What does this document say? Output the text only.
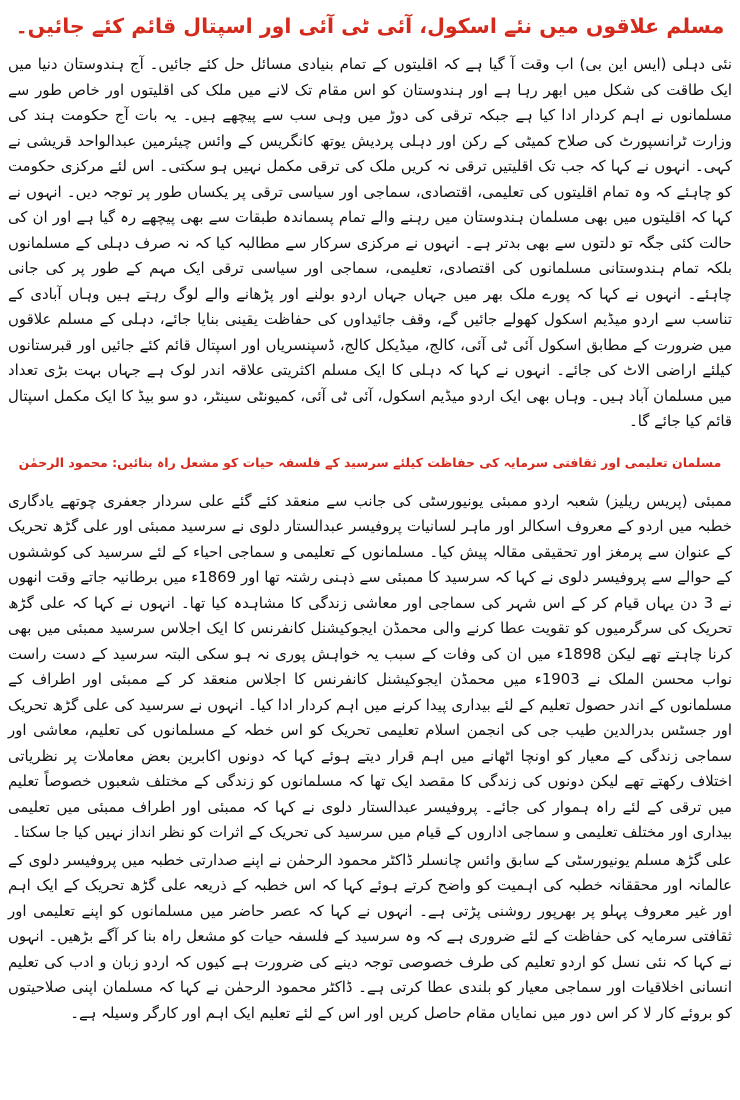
مسلم علاقوں میں نئے اسکول، آئی ٹی آئی اور اسپتال قائم کئے جائیں۔

نئی دہلی (ایس این بی) اب وقت آ گیا ہے کہ اقلیتوں کے تمام بنیادی مسائل حل کئے جائیں۔ آج ہندوستان دنیا میں ایک طاقت کی شکل میں ابھر رہا ہے اور ہندوستان کو اس مقام تک لانے میں ملک کی اقلیتوں اور خاص طور سے مسلمانوں نے اہم کردار ادا کیا ہے جبکہ ترقی کی دوڑ میں وہی سب سے پیچھے ہیں۔ یہ بات آج حکومت ہند کی وزارت ٹرانسپورٹ کی صلاح کمیٹی کے رکن اور دہلی پردیش یوتھ کانگریس کے وائس چیئرمین عبدالواحد قریشی نے کہی۔ انہوں نے کہا کہ جب تک اقلیتیں ترقی نہ کریں ملک کی ترقی مکمل نہیں ہو سکتی۔ اس لئے مرکزی حکومت کو چاہئے کہ وہ تمام اقلیتوں کی تعلیمی، اقتصادی، سماجی اور سیاسی ترقی پر یکساں طور پر توجہ دیں۔ انہوں نے کہا کہ اقلیتوں میں بھی مسلمان ہندوستان میں رہنے والے تمام پسماندہ طبقات سے بھی پیچھے رہ گیا ہے اور ان کی حالت کئی جگہ تو دلتوں سے بھی بدتر ہے۔ انہوں نے مرکزی سرکار سے مطالبہ کیا کہ نہ صرف دہلی کے مسلمانوں بلکہ تمام ہندوستانی مسلمانوں کی اقتصادی، تعلیمی، سماجی اور سیاسی ترقی ایک مہم کے طور پر کی جانی چاہئے۔ انہوں نے کہا کہ پورے ملک بھر میں جہاں جہاں اردو بولنے اور پڑھانے والے لوگ رہتے ہیں وہاں آبادی کے تناسب سے اردو میڈیم اسکول کھولے جائیں گے، وقف جائیداوں کی حفاظت یقینی بنایا جائے، دہلی کے مسلم علاقوں میں ضرورت کے مطابق اسکول آئی ٹی آئی، کالج، میڈیکل کالج، ڈسپنسریاں اور اسپتال قائم کئے جائیں اور قبرستانوں کیلئے اراضی الاٹ کی جائے۔ انہوں نے کہا کہ دہلی کا ایک مسلم اکثریتی علاقہ اندر لوک ہے جہاں بہت بڑی تعداد میں مسلمان آباد ہیں۔ وہاں بھی ایک اردو میڈیم اسکول، آئی ٹی آئی، کمیونٹی سینٹر، دو سو بیڈ کا ایک مکمل اسپتال قائم کیا جائے گا۔

مسلمان تعلیمی اور ثقافتی سرمایہ کی حفاظت کیلئے سرسید کے فلسفہ حیات کو مشعل راہ بنائیں: محمود الرحمٰن

ممبئی (پریس ریلیز) شعبہ اردو ممبئی یونیورسٹی کی جانب سے منعقد کئے گئے علی سردار جعفری چوتھے یادگاری خطبہ میں اردو کے معروف اسکالر اور ماہر لسانیات پروفیسر عبدالستار دلوی نے سرسید ممبئی اور علی گڑھ تحریک کے عنوان سے پرمغز اور تحقیقی مقالہ پیش کیا۔ مسلمانوں کے تعلیمی و سماجی احیاء کے لئے سرسید کی کوششوں کے حوالے سے پروفیسر دلوی نے کہا کہ سرسید کا ممبئی سے ذہنی رشتہ تھا اور 1869ء میں برطانیہ جاتے وقت انھوں نے 3 دن یہاں قیام کر کے اس شہر کی سماجی اور معاشی زندگی کا مشاہدہ کیا تھا۔ انہوں نے کہا کہ علی گڑھ تحریک کی سرگرمیوں کو تقویت عطا کرنے والی محمڈن ایجوکیشنل کانفرنس کا ایک اجلاس سرسید ممبئی میں بھی کرنا چاہتے تھے لیکن 1898ء میں ان کی وفات کے سبب یہ خواہش پوری نہ ہو سکی البتہ سرسید کے دست راست نواب محسن الملک نے 1903ء میں محمڈن ایجوکیشنل کانفرنس کا اجلاس منعقد کر کے ممبئی اور اطراف کے مسلمانوں کے اندر حصول تعلیم کے لئے بیداری پیدا کرنے میں اہم کردار ادا کیا۔ انہوں نے سرسید کی علی گڑھ تحریک اور جسٹس بدرالدین طیب جی کی انجمن اسلام تعلیمی تحریک کو اس خطہ کے مسلمانوں کی تعلیم، معاشی اور سماجی زندگی کے معیار کو اونچا اٹھانے میں اہم قرار دیتے ہوئے کہا کہ دونوں اکابرین بعض معاملات پر نظریاتی اختلاف رکھتے تھے لیکن دونوں کی زندگی کا مقصد ایک تھا کہ مسلمانوں کو زندگی کے مختلف شعبوں خصوصاً تعلیم میں ترقی کے لئے راہ ہموار کی جائے۔ پروفیسر عبدالستار دلوی نے کہا کہ ممبئی اور اطراف ممبئی میں تعلیمی بیداری اور مختلف تعلیمی و سماجی اداروں کے قیام میں سرسید کی تحریک کے اثرات کو نظر انداز نہیں کیا جا سکتا۔

علی گڑھ مسلم یونیورسٹی کے سابق وائس چانسلر ڈاکٹر محمود الرحمٰن نے اپنے صدارتی خطبہ میں پروفیسر دلوی کے عالمانہ اور محققانہ خطبہ کی اہمیت کو واضح کرتے ہوئے کہا کہ اس خطبہ کے ذریعہ علی گڑھ تحریک کے ایک اہم اور غیر معروف پہلو پر بھرپور روشنی پڑتی ہے۔ انہوں نے کہا کہ عصر حاضر میں مسلمانوں کو اپنے تعلیمی اور ثقافتی سرمایہ کی حفاظت کے لئے ضروری ہے کہ وہ سرسید کے فلسفہ حیات کو مشعل راہ بنا کر آگے بڑھیں۔ انہوں نے کہا کہ نئی نسل کو اردو تعلیم کی طرف خصوصی توجہ دینے کی ضرورت ہے کیوں کہ اردو زبان و ادب کی تعلیم انسانی اخلاقیات اور سماجی معیار کو بلندی عطا کرتی ہے۔ ڈاکٹر محمود الرحمٰن نے کہا کہ مسلمان اپنی صلاحیتوں کو بروئے کار لا کر اس دور میں نمایاں مقام حاصل کریں اور اس کے لئے تعلیم ایک اہم اور کارگر وسیلہ ہے۔
